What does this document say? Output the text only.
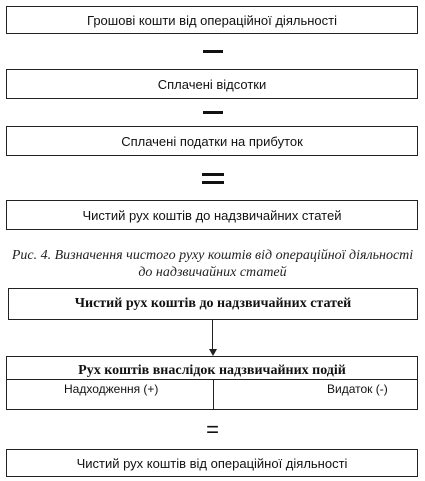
Грошові кошти від операційної діяльності
Сплачені відсотки
Сплачені податки на прибуток
Чистий рух коштів до надзвичайних статей
Рис. 4. Визначення чистого руху коштів від операційної діяльності
до надзвичайних статей
Чистий рух коштів до надзвичайних статей
Рух коштів внаслідок надзвичайних подій
Надходження (+)	Видаток (-)
=
Чистий рух коштів від операційної діяльності
